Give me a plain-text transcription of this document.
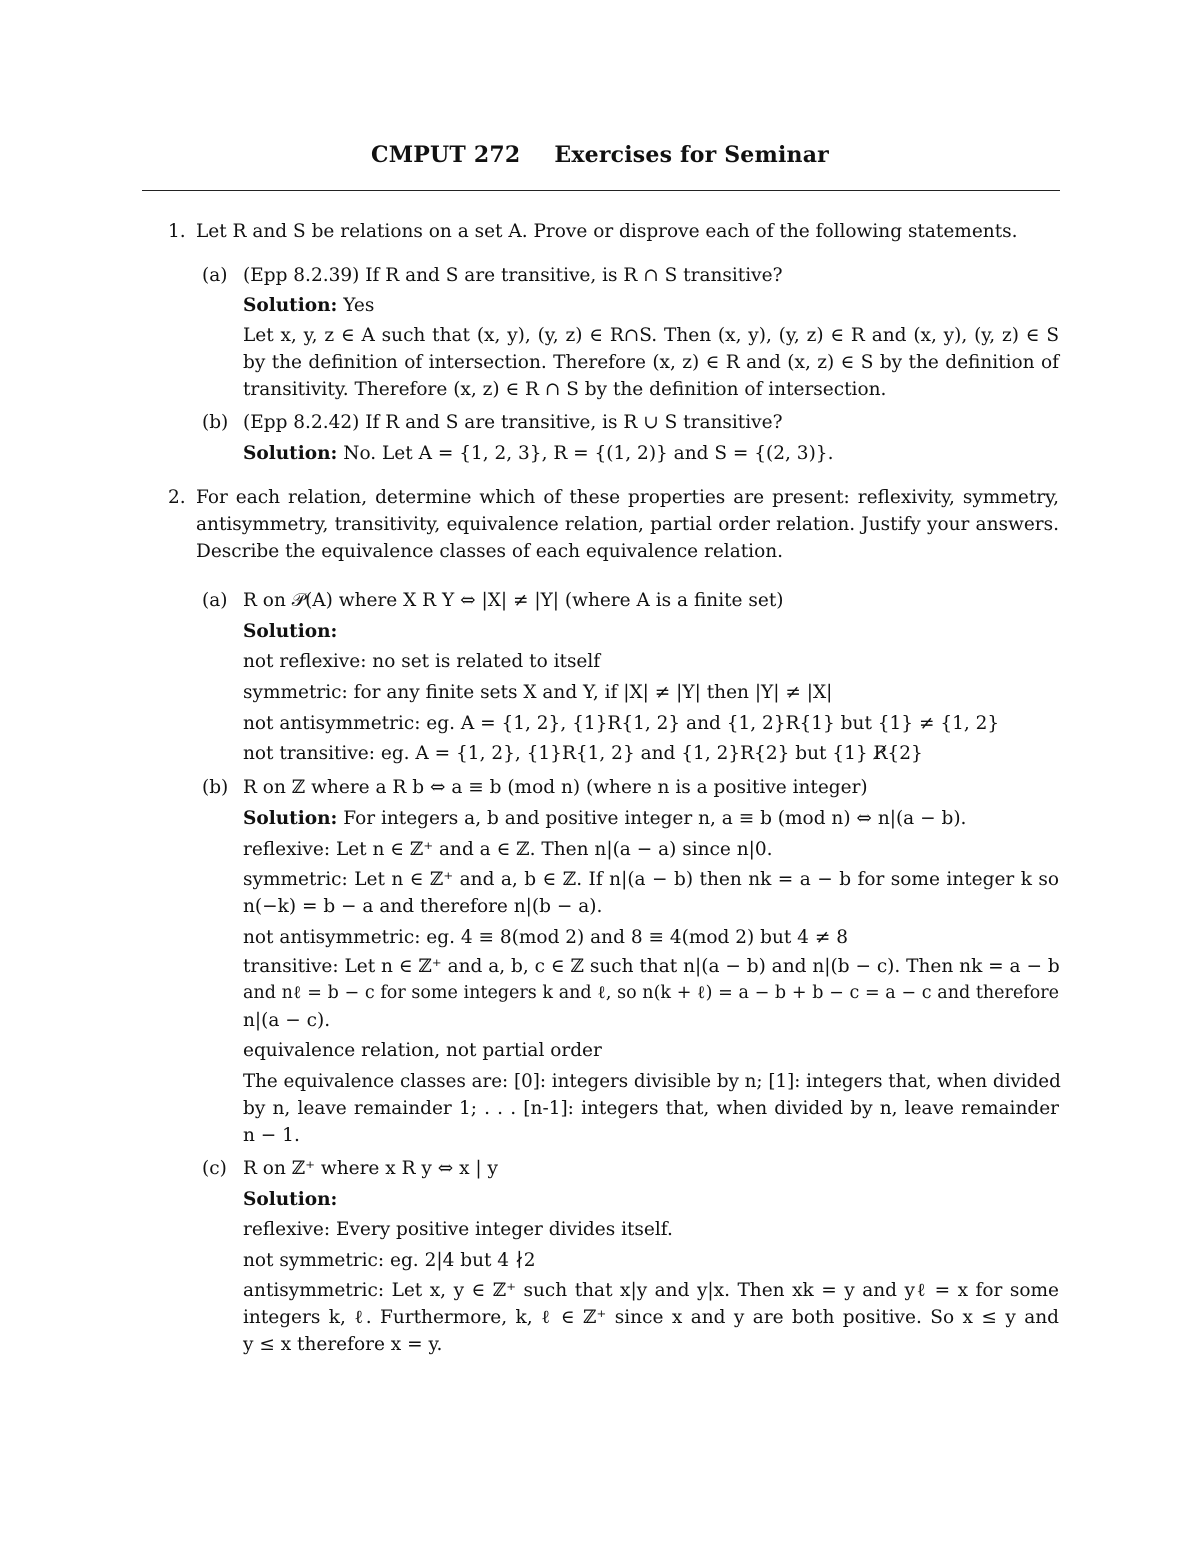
CMPUT 272 Exercises for Seminar
1. Let R and S be relations on a set A. Prove or disprove each of the following statements.
(a) (Epp 8.2.39) If R and S are transitive, is R ∩ S transitive?
Solution: Yes
Let x, y, z ∈ A such that (x, y), (y, z) ∈ R∩S. Then (x, y), (y, z) ∈ R and (x, y), (y, z) ∈ S
by the definition of intersection. Therefore (x, z) ∈ R and (x, z) ∈ S by the definition of
transitivity. Therefore (x, z) ∈ R ∩ S by the definition of intersection.
(b) (Epp 8.2.42) If R and S are transitive, is R ∪ S transitive?
Solution: No. Let A = {1, 2, 3}, R = {(1, 2)} and S = {(2, 3)}.
2. For each relation, determine which of these properties are present: reflexivity, symmetry,
antisymmetry, transitivity, equivalence relation, partial order relation. Justify your answers.
Describe the equivalence classes of each equivalence relation.
(a) R on 𝒫(A) where X R Y ⇔ |X| ≠ |Y| (where A is a finite set)
Solution:
not reflexive: no set is related to itself
symmetric: for any finite sets X and Y, if |X| ≠ |Y| then |Y| ≠ |X|
not antisymmetric: eg. A = {1, 2}, {1}R{1, 2} and {1, 2}R{1} but {1} ≠ {1, 2}
not transitive: eg. A = {1, 2}, {1}R{1, 2} and {1, 2}R{2} but {1} R̸{2}
(b) R on ℤ where a R b ⇔ a ≡ b (mod n) (where n is a positive integer)
Solution: For integers a, b and positive integer n, a ≡ b (mod n) ⇔ n|(a − b).
reflexive: Let n ∈ ℤ⁺ and a ∈ ℤ. Then n|(a − a) since n|0.
symmetric: Let n ∈ ℤ⁺ and a, b ∈ ℤ. If n|(a − b) then nk = a − b for some integer k so
n(−k) = b − a and therefore n|(b − a).
not antisymmetric: eg. 4 ≡ 8(mod 2) and 8 ≡ 4(mod 2) but 4 ≠ 8
transitive: Let n ∈ ℤ⁺ and a, b, c ∈ ℤ such that n|(a − b) and n|(b − c). Then nk = a − b
and nℓ = b − c for some integers k and ℓ, so n(k + ℓ) = a − b + b − c = a − c and therefore
n|(a − c).
equivalence relation, not partial order
The equivalence classes are: [0]: integers divisible by n; [1]: integers that, when divided
by n, leave remainder 1; . . . [n-1]: integers that, when divided by n, leave remainder
n − 1.
(c) R on ℤ⁺ where x R y ⇔ x | y
Solution:
reflexive: Every positive integer divides itself.
not symmetric: eg. 2|4 but 4 ∤2
antisymmetric: Let x, y ∈ ℤ⁺ such that x|y and y|x. Then xk = y and yℓ = x for some
integers k, ℓ. Furthermore, k, ℓ ∈ ℤ⁺ since x and y are both positive. So x ≤ y and
y ≤ x therefore x = y.
